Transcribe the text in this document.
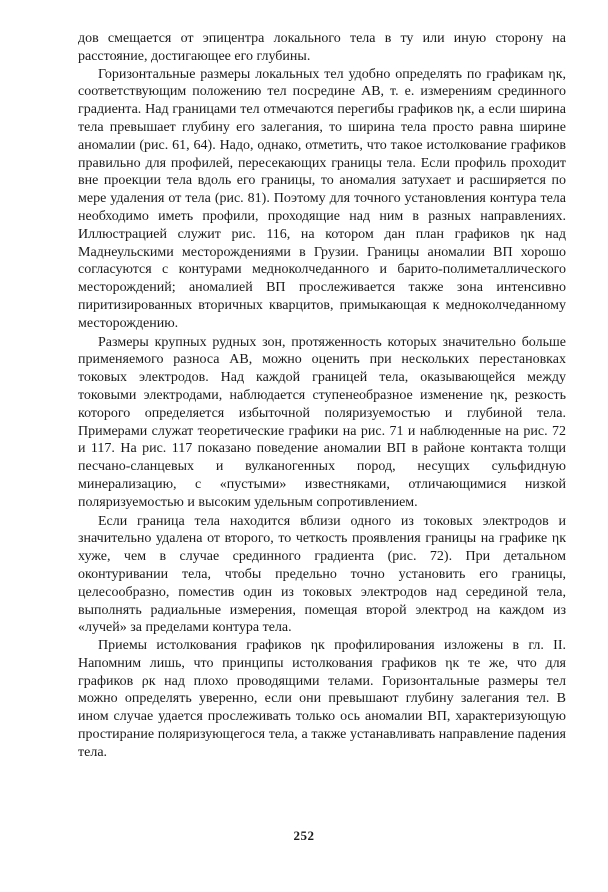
дов смещается от эпицентра локального тела в ту или иную сторону на расстояние, достигающее его глубины.

Горизонтальные размеры локальных тел удобно определять по графикам ηк, соответствующим положению тел посредине AB, т. е. измерениям срединного градиента. Над границами тел отмечаются перегибы графиков ηк, а если ширина тела превышает глубину его залегания, то ширина тела просто равна ширине аномалии (рис. 61, 64). Надо, однако, отметить, что такое истолкование графиков правильно для профилей, пересекающих границы тела. Если профиль проходит вне проекции тела вдоль его границы, то аномалия затухает и расширяется по мере удаления от тела (рис. 81). Поэтому для точного установления контура тела необходимо иметь профили, проходящие над ним в разных направлениях. Иллюстрацией служит рис. 116, на котором дан план графиков ηк над Маднеульскими месторождениями в Грузии. Границы аномалии ВП хорошо согласуются с контурами медноколчеданного и барито-полиметаллического месторождений; аномалией ВП прослеживается также зона интенсивно пиритизированных вторичных кварцитов, примыкающая к медноколчеданному месторождению.

Размеры крупных рудных зон, протяженность которых значительно больше применяемого разноса AB, можно оценить при нескольких перестановках токовых электродов. Над каждой границей тела, оказывающейся между токовыми электродами, наблюдается ступенеобразное изменение ηк, резкость которого определяется избыточной поляризуемостью и глубиной тела. Примерами служат теоретические графики на рис. 71 и наблюденные на рис. 72 и 117. На рис. 117 показано поведение аномалии ВП в районе контакта толщи песчано-сланцевых и вулканогенных пород, несущих сульфидную минерализацию, с «пустыми» известняками, отличающимися низкой поляризуемостью и высоким удельным сопротивлением.

Если граница тела находится вблизи одного из токовых электродов и значительно удалена от второго, то четкость проявления границы на графике ηк хуже, чем в случае срединного градиента (рис. 72). При детальном оконтуривании тела, чтобы предельно точно установить его границы, целесообразно, поместив один из токовых электродов над серединой тела, выполнять радиальные измерения, помещая второй электрод на каждом из «лучей» за пределами контура тела.

Приемы истолкования графиков ηк профилирования изложены в гл. II. Напомним лишь, что принципы истолкования графиков ηк те же, что для графиков ρк над плохо проводящими телами. Горизонтальные размеры тел можно определять уверенно, если они превышают глубину залегания тел. В ином случае удается прослеживать только ось аномалии ВП, характеризующую простирание поляризующегося тела, а также устанавливать направление падения тела.

252
